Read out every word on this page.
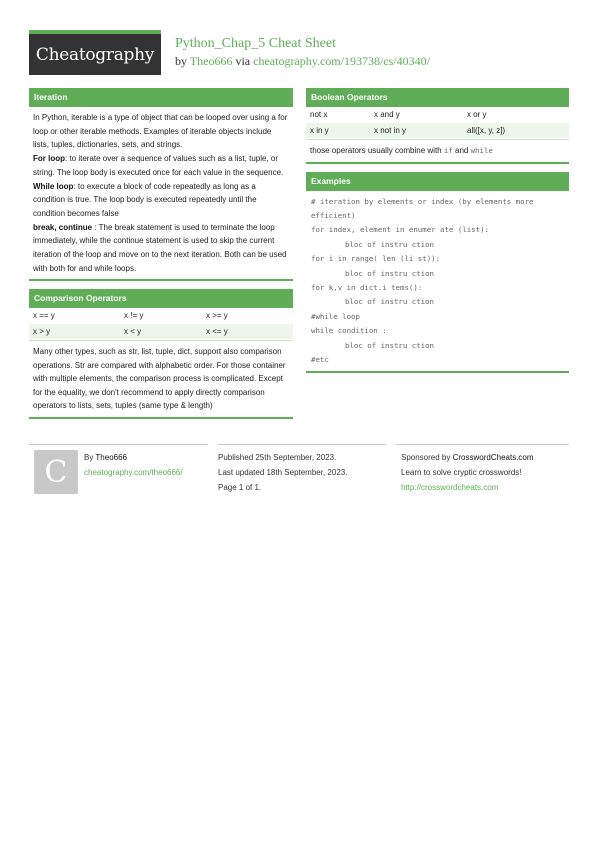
Cheatography
Python_Chap_5 Cheat Sheet
by Theo666 via cheatography.com/193738/cs/40340/
Iteration
In Python, iterable is a type of object that can be looped over using a for loop or other iterable methods. Examples of iterable objects include lists, tuples, dictionaries, sets, and strings.
For loop: to iterate over a sequence of values such as a list, tuple, or string. The loop body is executed once for each value in the sequence.
While loop: to execute a block of code repeatedly as long as a condition is true. The loop body is executed repeatedly until the condition becomes false
break, continue : The break statement is used to terminate the loop immediately, while the continue statement is used to skip the current iteration of the loop and move on to the next iteration. Both can be used with both for and while loops.
Comparison Operators
x == y	x != y	x >= y
x > y	x < y	x <= y
Many other types, such as str, list, tuple, dict, support also comparison operations. Str are compared with alphabetic order. For those container with multiple elements, the comparison process is complicated. Except for the equality, we don't recommend to apply directly comparison operators to lists, sets, tuples (same type & length)
Boolean Operators
not x	x and y	x or y
x in y	x not in y	all([x, y, z])
those operators usually combine with if and while
Examples
# iteration by elements or index (by elements more efficient)
for index, element in enumer ate (list):
bloc of instru ction
for i in range( len (li st)):
bloc of instru ction
for k,v in dict.i tems():
bloc of instru ction
#while loop
while condition :
bloc of instru ction
#etc
C By Theo666
cheatography.com/theo666/
Published 25th September, 2023.
Last updated 18th September, 2023.
Page 1 of 1.
Sponsored by CrosswordCheats.com
Learn to solve cryptic crosswords!
http://crosswordcheats.com
